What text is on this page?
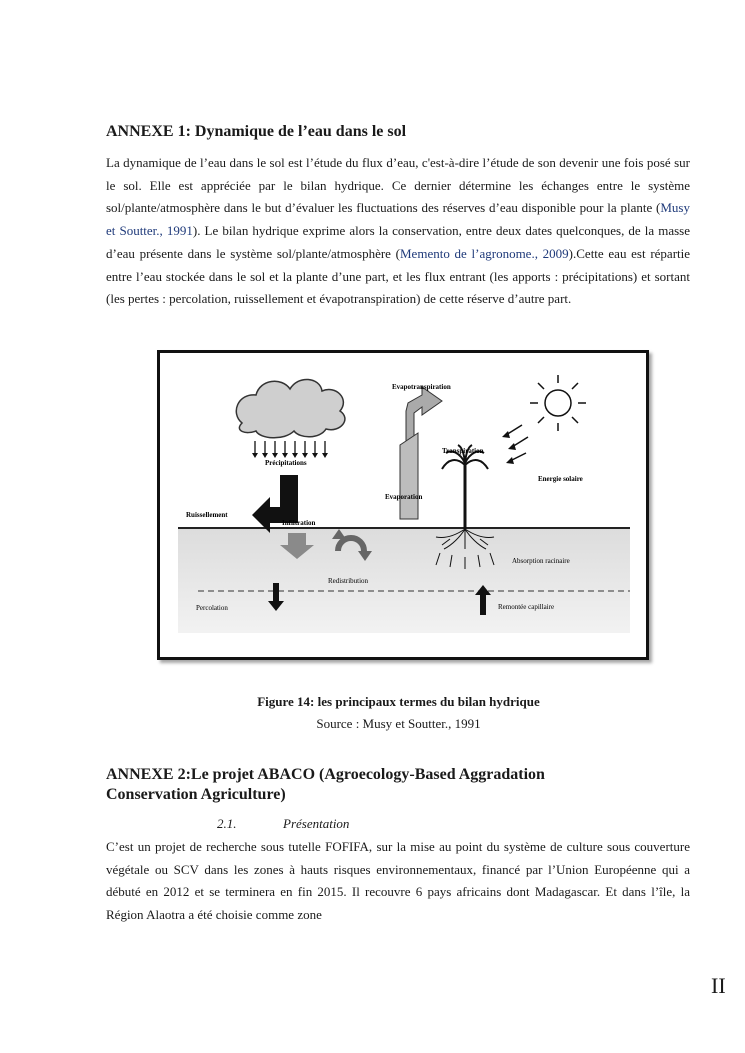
ANNEXE 1: Dynamique de l’eau dans le sol

La dynamique de l’eau dans le sol est l’étude du flux d’eau, c'est-à-dire l’étude de son devenir une fois posé sur le sol. Elle est appréciée par le bilan hydrique. Ce dernier détermine les échanges entre le système sol/plante/atmosphère dans le but d’évaluer les fluctuations des réserves d’eau disponible pour la plante (Musy et Soutter., 1991). Le bilan hydrique exprime alors la conservation, entre deux dates quelconques, de la masse d’eau présente dans le système sol/plante/atmosphère (Memento de l’agronome., 2009).Cette eau est répartie entre l’eau stockée dans le sol et la plante d’une part, et les flux entrant (les apports : précipitations) et sortant (les pertes : percolation, ruissellement et évapotranspiration) de cette réserve d’autre part.

Précipitations
Ruissellement
Infiltration
Redistribution
Percolation
Evapotranspiration
Evaporation
Energie solaire
Transpiration
Absorption racinaire
Remontée capillaire

Figure 14: les principaux termes du bilan hydrique

Source : Musy et Soutter., 1991

ANNEXE 2:Le projet ABACO (Agroecology-Based Aggradation
Conservation Agriculture)

2.1.	Présentation

C’est un projet de recherche sous tutelle FOFIFA, sur la mise au point du système de culture sous couverture végétale ou SCV dans les zones à hauts risques environnementaux, financé par l’Union Européenne qui a débuté en 2012 et se terminera en fin 2015. Il recouvre 6 pays africains dont Madagascar. Et dans l’île, la Région Alaotra a été choisie comme zone

II
